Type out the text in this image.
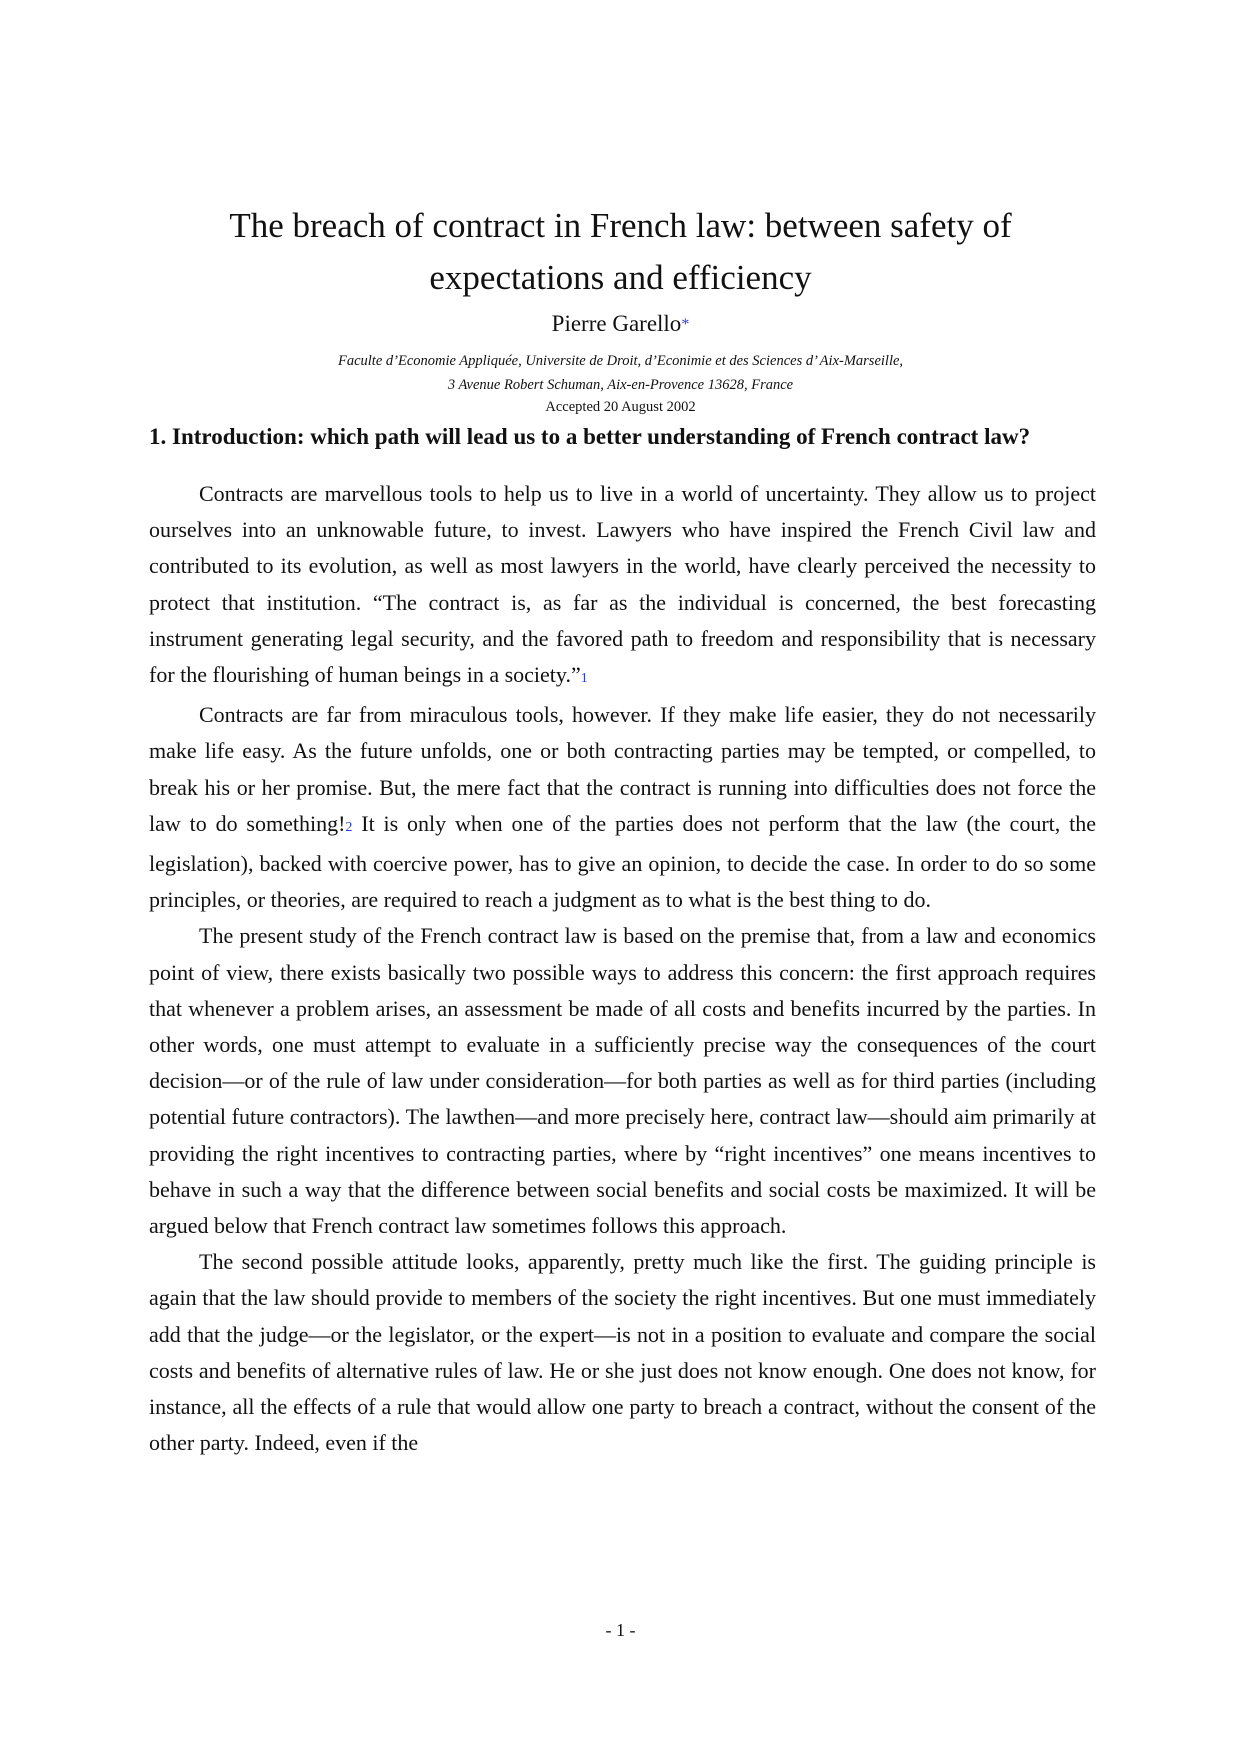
The breach of contract in French law: between safety of
expectations and efficiency
Pierre Garello*
Faculte d’Economie Appliquée, Universite de Droit, d’Econimie et des Sciences d’ Aix-Marseille,
3 Avenue Robert Schuman, Aix-en-Provence 13628, France
Accepted 20 August 2002
1. Introduction: which path will lead us to a better understanding of French contract law?

Contracts are marvellous tools to help us to live in a world of uncertainty. They allow us to project ourselves into an unknowable future, to invest. Lawyers who have inspired the French Civil law and contributed to its evolution, as well as most lawyers in the world, have clearly perceived the necessity to protect that institution. “The contract is, as far as the individual is concerned, the best forecasting instrument generating legal security, and the favored path to freedom and responsibility that is necessary for the flourishing of human beings in a society.”1

Contracts are far from miraculous tools, however. If they make life easier, they do not necessarily make life easy. As the future unfolds, one or both contracting parties may be tempted, or compelled, to break his or her promise. But, the mere fact that the contract is running into difficulties does not force the law to do something!2 It is only when one of the parties does not perform that the law (the court, the legislation), backed with coercive power, has to give an opinion, to decide the case. In order to do so some principles, or theories, are required to reach a judgment as to what is the best thing to do.

The present study of the French contract law is based on the premise that, from a law and economics point of view, there exists basically two possible ways to address this concern: the first approach requires that whenever a problem arises, an assessment be made of all costs and benefits incurred by the parties. In other words, one must attempt to evaluate in a sufficiently precise way the consequences of the court decision—or of the rule of law under consideration—for both parties as well as for third parties (including potential future contractors). The lawthen—and more precisely here, contract law—should aim primarily at providing the right incentives to contracting parties, where by “right incentives” one means incentives to behave in such a way that the difference between social benefits and social costs be maximized. It will be argued below that French contract law sometimes follows this approach.

The second possible attitude looks, apparently, pretty much like the first. The guiding principle is again that the law should provide to members of the society the right incentives. But one must immediately add that the judge—or the legislator, or the expert—is not in a position to evaluate and compare the social costs and benefits of alternative rules of law. He or she just does not know enough. One does not know, for instance, all the effects of a rule that would allow one party to breach a contract, without the consent of the other party. Indeed, even if the

- 1 -
